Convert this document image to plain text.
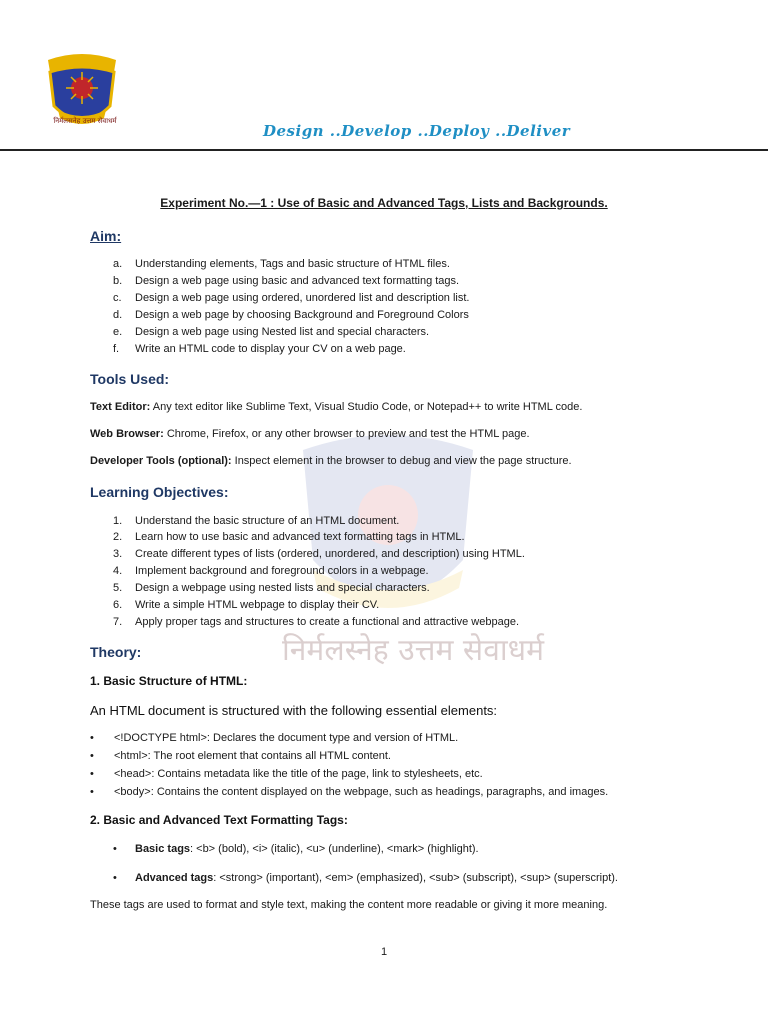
निर्मलसनेह उत्तम सेवाधर्म
Design ..Develop ..Deploy ..Deliver
निर्मलस्नेह उत्तम सेवाधर्म
Experiment No.—1 : Use of Basic and Advanced Tags, Lists and Backgrounds.
Aim:
a. Understanding elements, Tags and basic structure of HTML files.
b. Design a web page using basic and advanced text formatting tags.
c. Design a web page using ordered, unordered list and description list.
d. Design a web page by choosing Background and Foreground Colors
e. Design a web page using Nested list and special characters.
f. Write an HTML code to display your CV on a web page.
Tools Used:
Text Editor: Any text editor like Sublime Text, Visual Studio Code, or Notepad++ to write HTML code.
Web Browser: Chrome, Firefox, or any other browser to preview and test the HTML page.
Developer Tools (optional): Inspect element in the browser to debug and view the page structure.
Learning Objectives:
1. Understand the basic structure of an HTML document.
2. Learn how to use basic and advanced text formatting tags in HTML.
3. Create different types of lists (ordered, unordered, and description) using HTML.
4. Implement background and foreground colors in a webpage.
5. Design a webpage using nested lists and special characters.
6. Write a simple HTML webpage to display their CV.
7. Apply proper tags and structures to create a functional and attractive webpage.
Theory:
1. Basic Structure of HTML:
An HTML document is structured with the following essential elements:
• <!DOCTYPE html>: Declares the document type and version of HTML.
• <html>: The root element that contains all HTML content.
• <head>: Contains metadata like the title of the page, link to stylesheets, etc.
• <body>: Contains the content displayed on the webpage, such as headings, paragraphs, and images.
2. Basic and Advanced Text Formatting Tags:
• Basic tags: <b> (bold), <i> (italic), <u> (underline), <mark> (highlight).
• Advanced tags: <strong> (important), <em> (emphasized), <sub> (subscript), <sup> (superscript).
These tags are used to format and style text, making the content more readable or giving it more meaning.
1
